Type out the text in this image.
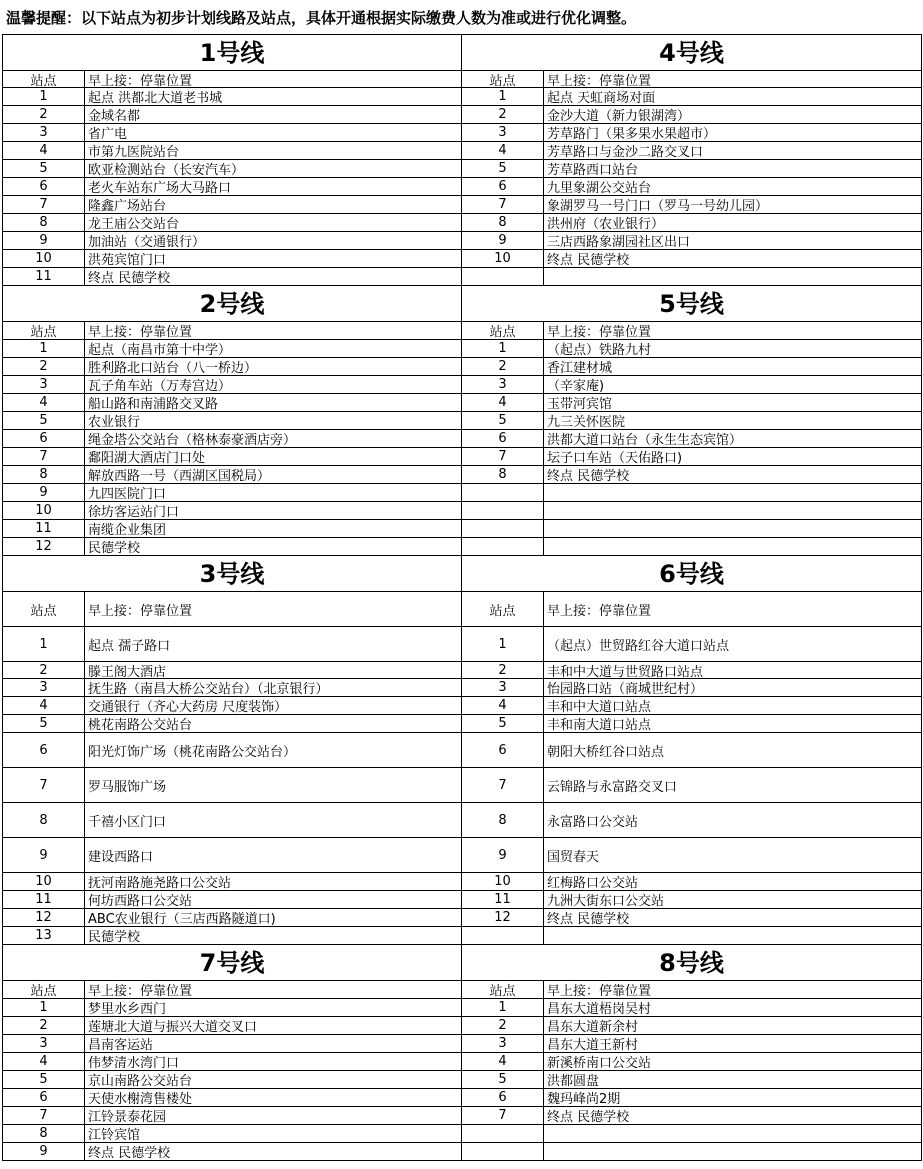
温馨提醒：以下站点为初步计划线路及站点，具体开通根据实际缴费人数为准或进行优化调整。
1号线
站点	早上接：停靠位置
1	起点 洪都北大道老书城
2	金域名都
3	省广电
4	市第九医院站台
5	欧亚检测站台（长安汽车）
6	老火车站东广场大马路口
7	隆鑫广场站台
8	龙王庙公交站台
9	加油站（交通银行）
10	洪苑宾馆门口
11	终点 民德学校
4号线
站点	早上接：停靠位置
1	起点 天虹商场对面
2	金沙大道（新力银湖湾）
3	芳草路门（果多果水果超市）
4	芳草路口与金沙二路交叉口
5	芳草路西口站台
6	九里象湖公交站台
7	象湖罗马一号门口（罗马一号幼儿园）
8	洪州府（农业银行）
9	三店西路象湖园社区出口
10	终点 民德学校
2号线
站点	早上接：停靠位置
1	起点（南昌市第十中学）
2	胜利路北口站台（八一桥边）
3	瓦子角车站（万寿宫边）
4	船山路和南浦路交叉路
5	农业银行
6	绳金塔公交站台（格林泰豪酒店旁）
7	鄱阳湖大酒店门口处
8	解放西路一号（西湖区国税局）
9	九四医院门口
10	徐坊客运站门口
11	南缆企业集团
12	民德学校
5号线
站点	早上接：停靠位置
1	（起点）铁路九村
2	香江建材城
3	（辛家庵)
4	玉带河宾馆
5	九三关怀医院
6	洪都大道口站台（永生生态宾馆）
7	坛子口车站（天佑路口)
8	终点 民德学校
3号线
站点	早上接：停靠位置
1	起点 孺子路口
2	滕王阁大酒店
3	抚生路（南昌大桥公交站台）（北京银行）
4	交通银行（齐心大药房 尺度装饰）
5	桃花南路公交站台
6	阳光灯饰广场（桃花南路公交站台）
7	罗马服饰广场
8	千禧小区门口
9	建设西路口
10	抚河南路施尧路口公交站
11	何坊西路口公交站
12	ABC农业银行（三店西路隧道口)
13	民德学校
6号线
站点	早上接：停靠位置
1	（起点）世贸路红谷大道口站点
2	丰和中大道与世贸路口站点
3	怡园路口站（商城世纪村）
4	丰和中大道口站点
5	丰和南大道口站点
6	朝阳大桥红谷口站点
7	云锦路与永富路交叉口
8	永富路口公交站
9	国贸春天
10	红梅路口公交站
11	九洲大街东口公交站
12	终点 民德学校
7号线
站点	早上接：停靠位置
1	梦里水乡西门
2	莲塘北大道与振兴大道交叉口
3	昌南客运站
4	伟梦清水湾门口
5	京山南路公交站台
6	天使水榭湾售楼处
7	江铃景泰花园
8	江铃宾馆
9	终点 民德学校
8号线
站点	早上接：停靠位置
1	昌东大道梧岗吴村
2	昌东大道新余村
3	昌东大道王新村
4	新溪桥南口公交站
5	洪都圆盘
6	魏玛峰尚2期
7	终点 民德学校
